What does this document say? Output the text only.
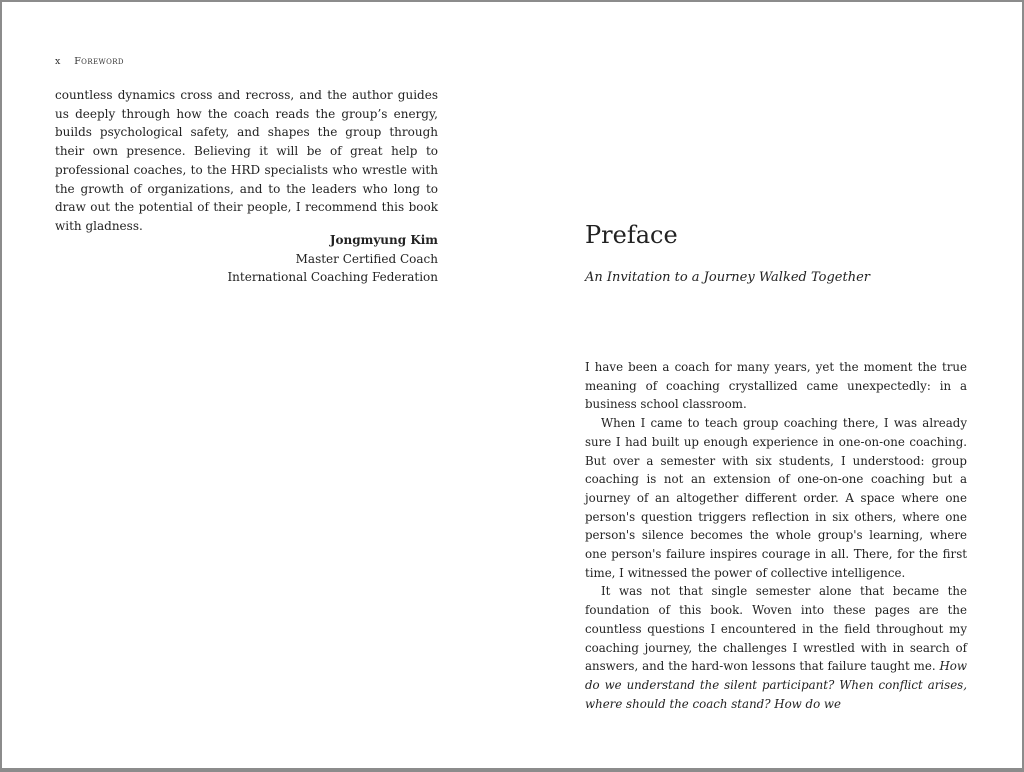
x Foreword

countless dynamics cross and recross, and the author guides us deeply through how the coach reads the group’s energy, builds psychological safety, and shapes the group through their own presence. Believing it will be of great help to professional coaches, to the HRD specialists who wrestle with the growth of organizations, and to the leaders who long to draw out the potential of their people, I recommend this book with gladness.

Jongmyung Kim
Master Certified Coach
International Coaching Federation
Preface
An Invitation to a Journey Walked Together

I have been a coach for many years, yet the moment the true meaning of coaching crystallized came unexpectedly: in a business school classroom.

When I came to teach group coaching there, I was already sure I had built up enough experience in one-on-one coaching. But over a semester with six students, I understood: group coaching is not an extension of one-on-one coaching but a journey of an altogether different order. A space where one person's question triggers reflection in six others, where one person's silence becomes the whole group's learning, where one person's failure inspires courage in all. There, for the first time, I witnessed the power of collective intelligence.

It was not that single semester alone that became the foundation of this book. Woven into these pages are the countless questions I encountered in the field throughout my coaching journey, the challenges I wrestled with in search of answers, and the hard-won lessons that failure taught me. How do we understand the silent participant? When conflict arises, where should the coach stand? How do we
